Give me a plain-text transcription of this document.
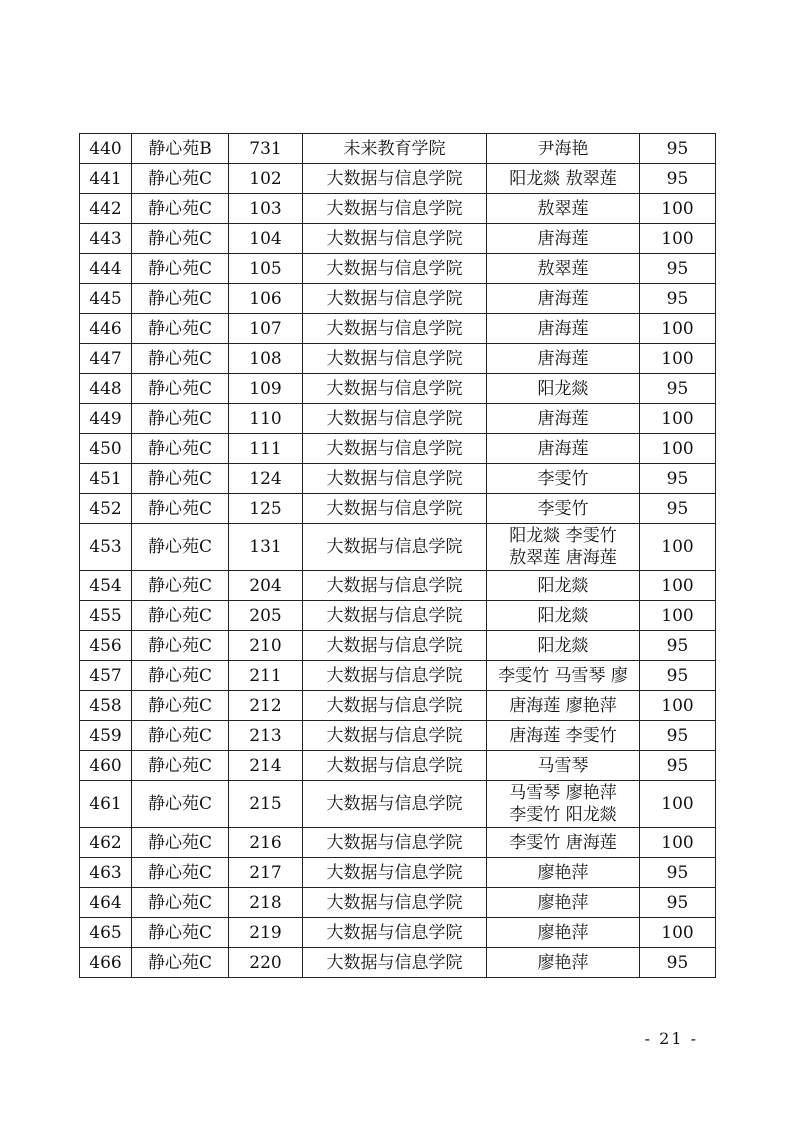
440	静心苑B	731	未来教育学院	尹海艳	95
441	静心苑C	102	大数据与信息学院	阳龙燚 敖翠莲	95
442	静心苑C	103	大数据与信息学院	敖翠莲	100
443	静心苑C	104	大数据与信息学院	唐海莲	100
444	静心苑C	105	大数据与信息学院	敖翠莲	95
445	静心苑C	106	大数据与信息学院	唐海莲	95
446	静心苑C	107	大数据与信息学院	唐海莲	100
447	静心苑C	108	大数据与信息学院	唐海莲	100
448	静心苑C	109	大数据与信息学院	阳龙燚	95
449	静心苑C	110	大数据与信息学院	唐海莲	100
450	静心苑C	111	大数据与信息学院	唐海莲	100
451	静心苑C	124	大数据与信息学院	李雯竹	95
452	静心苑C	125	大数据与信息学院	李雯竹	95
453	静心苑C	131	大数据与信息学院	阳龙燚 李雯竹
敖翠莲 唐海莲	100
454	静心苑C	204	大数据与信息学院	阳龙燚	100
455	静心苑C	205	大数据与信息学院	阳龙燚	100
456	静心苑C	210	大数据与信息学院	阳龙燚	95
457	静心苑C	211	大数据与信息学院	李雯竹 马雪琴 廖	95
458	静心苑C	212	大数据与信息学院	唐海莲 廖艳萍	100
459	静心苑C	213	大数据与信息学院	唐海莲 李雯竹	95
460	静心苑C	214	大数据与信息学院	马雪琴	95
461	静心苑C	215	大数据与信息学院	马雪琴 廖艳萍
李雯竹 阳龙燚	100
462	静心苑C	216	大数据与信息学院	李雯竹 唐海莲	100
463	静心苑C	217	大数据与信息学院	廖艳萍	95
464	静心苑C	218	大数据与信息学院	廖艳萍	95
465	静心苑C	219	大数据与信息学院	廖艳萍	100
466	静心苑C	220	大数据与信息学院	廖艳萍	95
- 21 -
